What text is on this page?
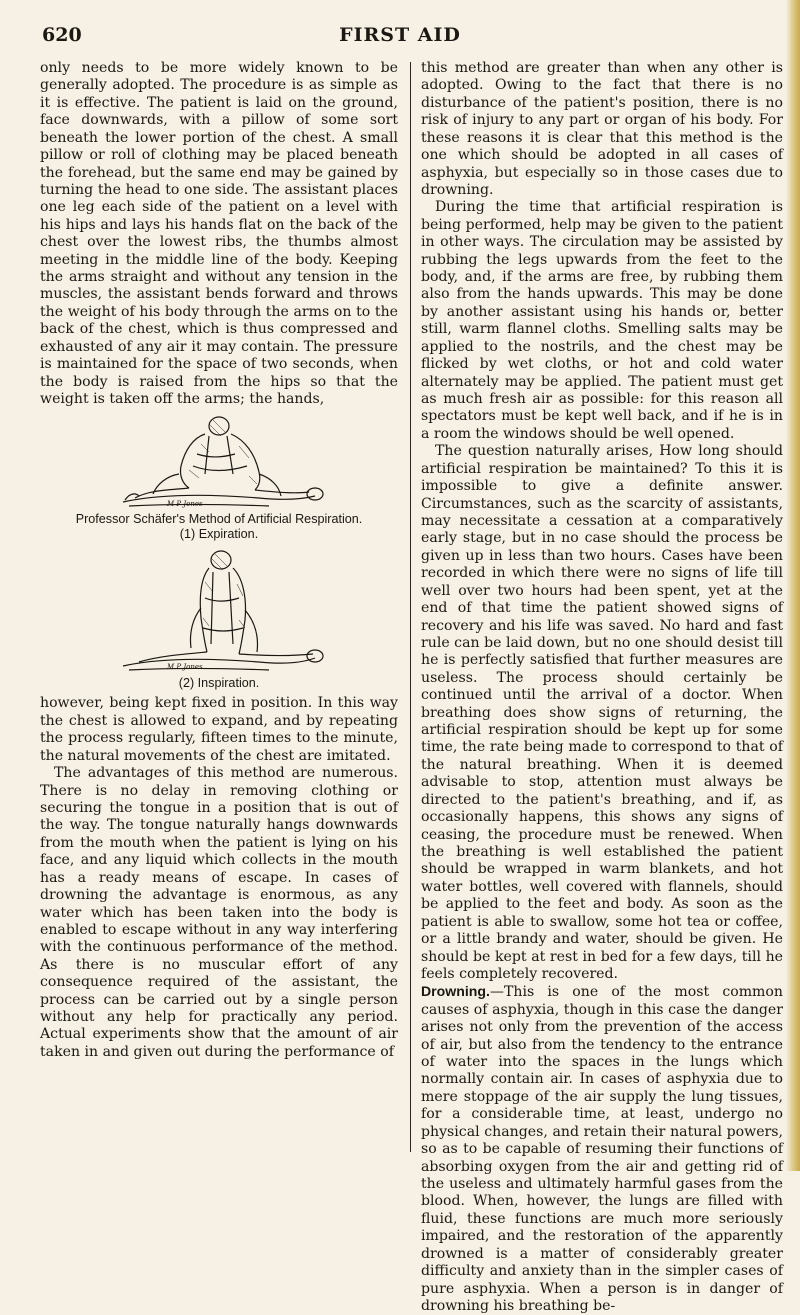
620	FIRST AID

only needs to be more widely known to be generally adopted. The procedure is as simple as it is effective. The patient is laid on the ground, face downwards, with a pillow of some sort beneath the lower portion of the chest. A small pillow or roll of clothing may be placed beneath the forehead, but the same end may be gained by turning the head to one side. The assistant places one leg each side of the patient on a level with his hips and lays his hands flat on the back of the chest over the lowest ribs, the thumbs almost meeting in the middle line of the body. Keeping the arms straight and without any tension in the muscles, the assistant bends forward and throws the weight of his body through the arms on to the back of the chest, which is thus compressed and exhausted of any air it may contain. The pressure is maintained for the space of two seconds, when the body is raised from the hips so that the weight is taken off the arms; the hands,

M P Jones
Professor Schäfer's Method of Artificial Respiration.
(1) Expiration.
M P Jones
(2) Inspiration.

however, being kept fixed in position. In this way the chest is allowed to expand, and by repeating the process regularly, fifteen times to the minute, the natural movements of the chest are imitated.

The advantages of this method are numerous. There is no delay in removing clothing or securing the tongue in a position that is out of the way. The tongue naturally hangs downwards from the mouth when the patient is lying on his face, and any liquid which collects in the mouth has a ready means of escape. In cases of drowning the advantage is enormous, as any water which has been taken into the body is enabled to escape without in any way interfering with the continuous performance of the method. As there is no muscular effort of any consequence required of the assistant, the process can be carried out by a single person without any help for practically any period. Actual experiments show that the amount of air taken in and given out during the performance of

this method are greater than when any other is adopted. Owing to the fact that there is no disturbance of the patient's position, there is no risk of injury to any part or organ of his body. For these reasons it is clear that this method is the one which should be adopted in all cases of asphyxia, but especially so in those cases due to drowning.

During the time that artificial respiration is being performed, help may be given to the patient in other ways. The circulation may be assisted by rubbing the legs upwards from the feet to the body, and, if the arms are free, by rubbing them also from the hands upwards. This may be done by another assistant using his hands or, better still, warm flannel cloths. Smelling salts may be applied to the nostrils, and the chest may be flicked by wet cloths, or hot and cold water alternately may be applied. The patient must get as much fresh air as possible: for this reason all spectators must be kept well back, and if he is in a room the windows should be well opened.

The question naturally arises, How long should artificial respiration be maintained? To this it is impossible to give a definite answer. Circumstances, such as the scarcity of assistants, may necessitate a cessation at a comparatively early stage, but in no case should the process be given up in less than two hours. Cases have been recorded in which there were no signs of life till well over two hours had been spent, yet at the end of that time the patient showed signs of recovery and his life was saved. No hard and fast rule can be laid down, but no one should desist till he is perfectly satisfied that further measures are useless. The process should certainly be continued until the arrival of a doctor. When breathing does show signs of returning, the artificial respiration should be kept up for some time, the rate being made to correspond to that of the natural breathing. When it is deemed advisable to stop, attention must always be directed to the patient's breathing, and if, as occasionally happens, this shows any signs of ceasing, the procedure must be renewed. When the breathing is well established the patient should be wrapped in warm blankets, and hot water bottles, well covered with flannels, should be applied to the feet and body. As soon as the patient is able to swallow, some hot tea or coffee, or a little brandy and water, should be given. He should be kept at rest in bed for a few days, till he feels completely recovered.

Drowning.—This is one of the most common causes of asphyxia, though in this case the danger arises not only from the prevention of the access of air, but also from the tendency to the entrance of water into the spaces in the lungs which normally contain air. In cases of asphyxia due to mere stoppage of the air supply the lung tissues, for a considerable time, at least, undergo no physical changes, and retain their natural powers, so as to be capable of resuming their functions of absorbing oxygen from the air and getting rid of the useless and ultimately harmful gases from the blood. When, however, the lungs are filled with fluid, these functions are much more seriously impaired, and the restoration of the apparently drowned is a matter of considerably greater difficulty and anxiety than in the simpler cases of pure asphyxia. When a person is in danger of drowning his breathing be-
